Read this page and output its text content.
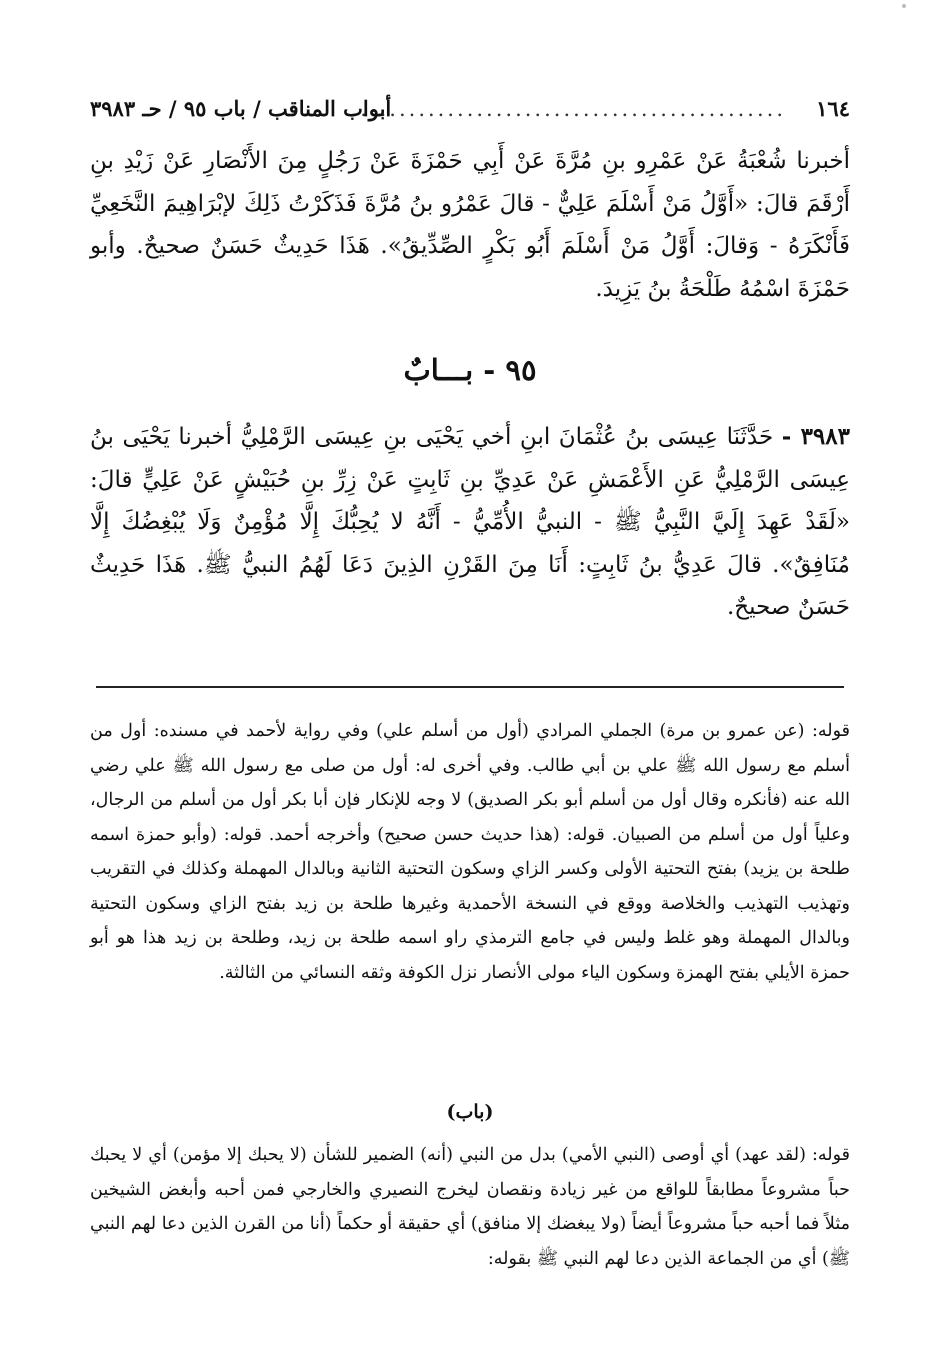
١٦٤
............................................
أبواب المناقب / باب ٩٥ / حـ ٣٩٨٣

أخبرنا شُعْبَةُ عَنْ عَمْرِو بنِ مُرَّةَ عَنْ أَبِي حَمْزَةَ عَنْ رَجُلٍ مِنَ الأَنْصَارِ عَنْ زَيْدِ بنِ أَرْقَمَ قالَ: «أَوَّلُ مَنْ أَسْلَمَ عَلِيٌّ - قالَ عَمْرُو بنُ مُرَّةَ فَذَكَرْتُ ذَلِكَ لإبْرَاهِيمَ النَّخَعِيِّ فَأَنْكَرَهُ - وَقالَ: أَوَّلُ مَنْ أَسْلَمَ أَبُو بَكْرٍ الصِّدِّيقُ». هَذَا حَدِيثٌ حَسَنٌ صحيحٌ. وأبو حَمْزَةَ اسْمُهُ طَلْحَةُ بنُ يَزِيدَ.

٩٥ - بـــابٌ

٣٩٨٣ - حَدَّثَنَا عِيسَى بنُ عُثْمَانَ ابنِ أخي يَحْيَى بنِ عِيسَى الرَّمْلِيُّ أخبرنا يَحْيَى بنُ عِيسَى الرَّمْلِيُّ عَنِ الأَعْمَشِ عَنْ عَدِيِّ بنِ ثَابِتٍ عَنْ زِرِّ بنِ حُبَيْشٍ عَنْ عَلِيٍّ قالَ: «لَقَدْ عَهِدَ إِلَيَّ النَّبِيُّ ﷺ - النبيُّ الأُمِّيُّ - أَنَّهُ لا يُحِبُّكَ إِلَّا مُؤْمِنٌ وَلَا يُبْغِضُكَ إِلَّا مُنَافِقٌ». قالَ عَدِيُّ بنُ ثَابِتٍ: أَنَا مِنَ القَرْنِ الذِينَ دَعَا لَهُمُ النبيُّ ﷺ. هَذَا حَدِيثٌ حَسَنٌ صحيحٌ.

قوله: (عن عمرو بن مرة) الجملي المرادي (أول من أسلم علي) وفي رواية لأحمد في مسنده: أول من أسلم مع رسول الله ﷺ علي بن أبي طالب. وفي أخرى له: أول من صلى مع رسول الله ﷺ علي رضي الله عنه (فأنكره وقال أول من أسلم أبو بكر الصديق) لا وجه للإنكار فإن أبا بكر أول من أسلم من الرجال، وعلياً أول من أسلم من الصبيان. قوله: (هذا حديث حسن صحيح) وأخرجه أحمد. قوله: (وأبو حمزة اسمه طلحة بن يزيد) بفتح التحتية الأولى وكسر الزاي وسكون التحتية الثانية وبالدال المهملة وكذلك في التقريب وتهذيب التهذيب والخلاصة ووقع في النسخة الأحمدية وغيرها طلحة بن زيد بفتح الزاي وسكون التحتية وبالدال المهملة وهو غلط وليس في جامع الترمذي راو اسمه طلحة بن زيد، وطلحة بن زيد هذا هو أبو حمزة الأيلي بفتح الهمزة وسكون الياء مولى الأنصار نزل الكوفة وثقه النسائي من الثالثة.

(باب)

قوله: (لقد عهد) أي أوصى (النبي الأمي) بدل من النبي (أنه) الضمير للشأن (لا يحبك إلا مؤمن) أي لا يحبك حباً مشروعاً مطابقاً للواقع من غير زيادة ونقصان ليخرج النصيري والخارجي فمن أحبه وأبغض الشيخين مثلاً فما أحبه حباً مشروعاً أيضاً (ولا يبغضك إلا منافق) أي حقيقة أو حكماً (أنا من القرن الذين دعا لهم النبي ﷺ) أي من الجماعة الذين دعا لهم النبي ﷺ بقوله:
